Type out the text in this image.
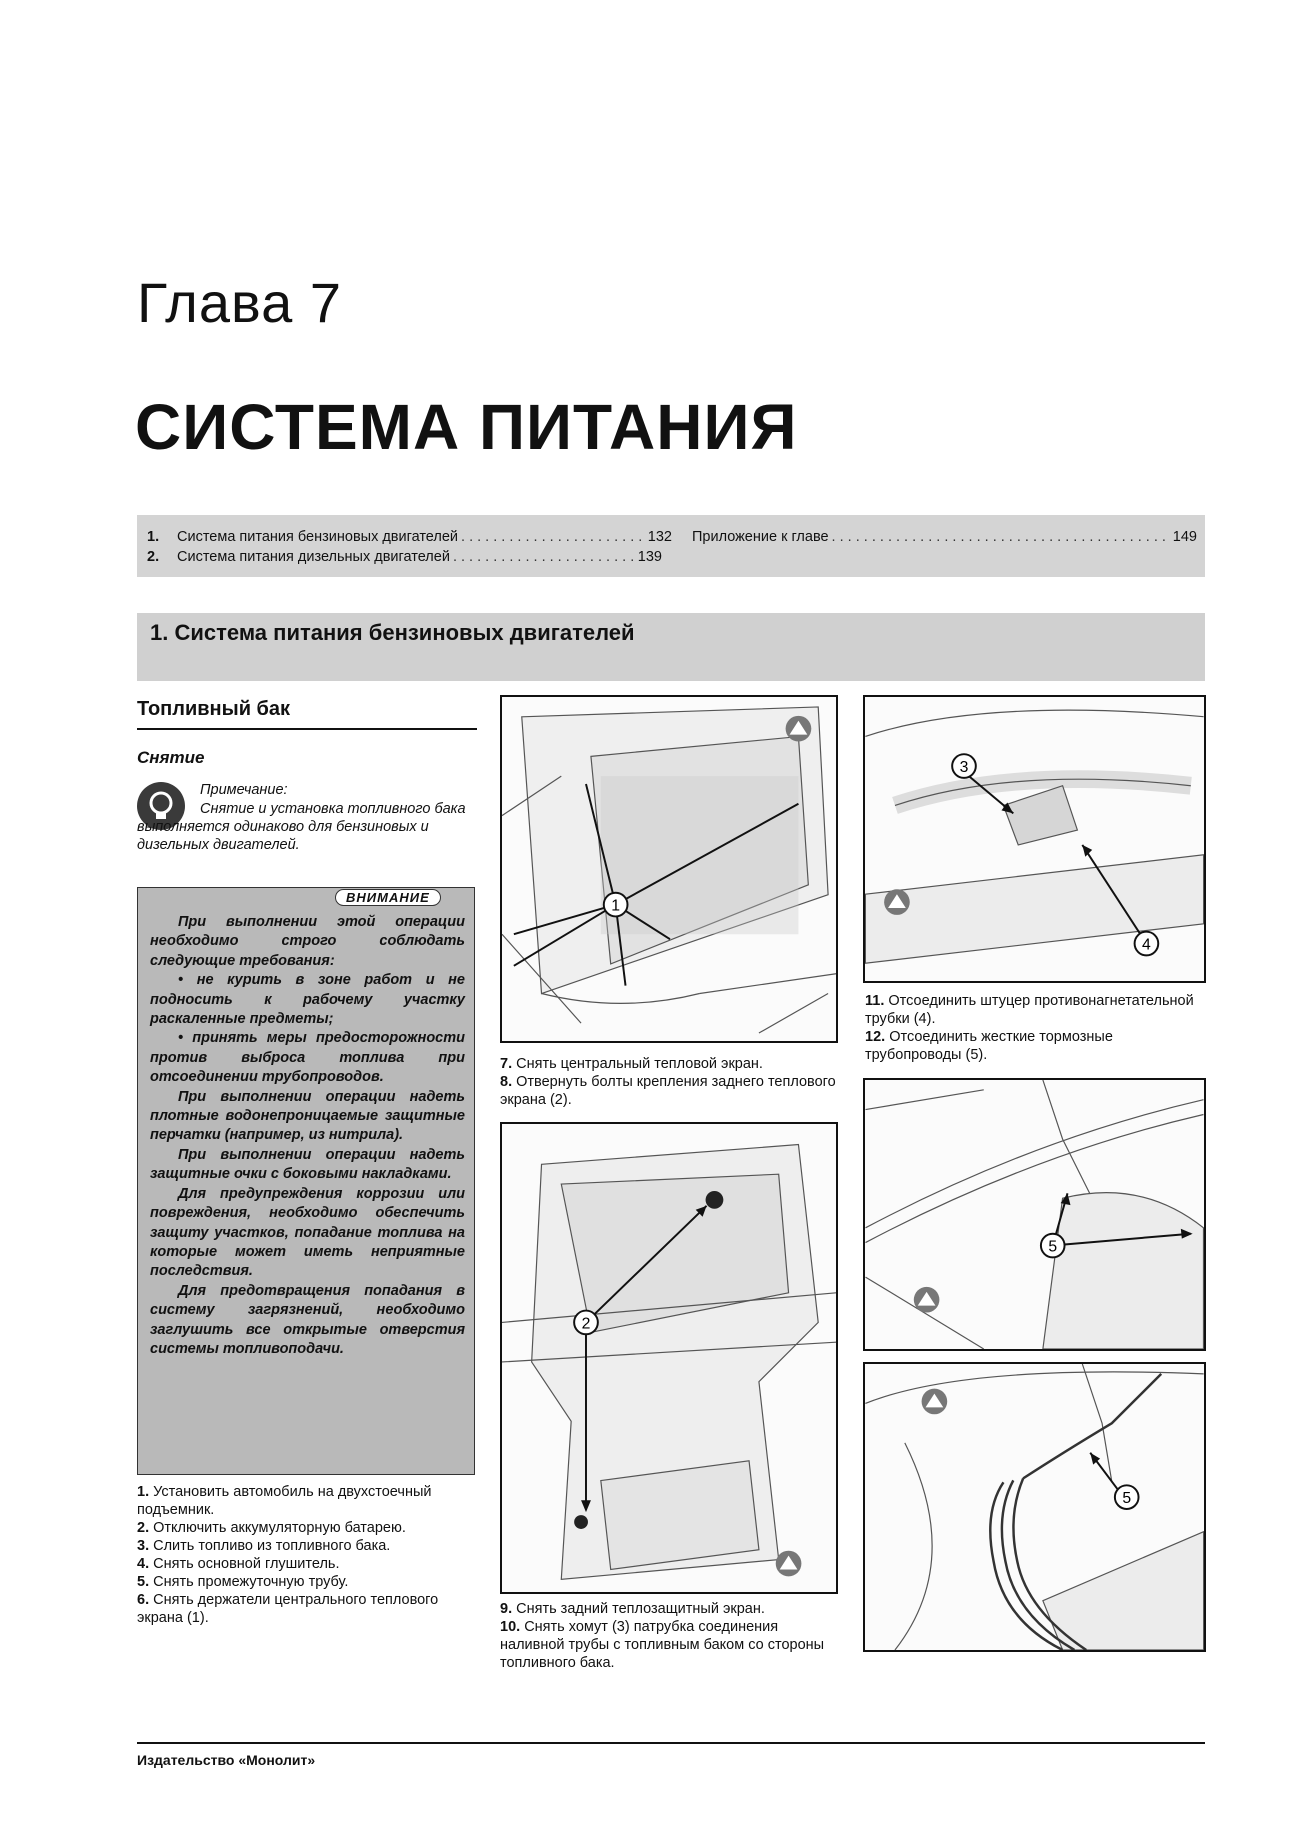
Глава 7
СИСТЕМА ПИТАНИЯ
1.	Система питания бензиновых двигателей . . .	132
2.	Система питания дизельных двигателей . . .	139
Приложение к главе . . .	149
1. Система питания бензиновых двигателей
Топливный бак
Снятие
Примечание:
Снятие и установка топливного бака выполняется одинаково для бензиновых и дизельных двигателей.
ВНИМАНИЕ

При выполнении этой операции необходимо строго соблюдать следующие требования:

• не курить в зоне работ и не подносить к рабочему участку раскаленные предметы;

• принять меры предосторожности против выброса топлива при отсоединении трубопроводов.

При выполнении операции надеть плотные водонепроницаемые защитные перчатки (например, из нитрила).

При выполнении операции надеть защитные очки с боковыми накладками.

Для предупреждения коррозии или повреждения, необходимо обеспечить защиту участков, попадание топлива на которые может иметь неприятные последствия.

Для предотвращения попадания в систему загрязнений, необходимо заглушить все открытые отверстия системы топливоподачи.

1. Установить автомобиль на двухстоечный подъемник.

2. Отключить аккумуляторную батарею.

3. Слить топливо из топливного бака.

4. Снять основной глушитель.

5. Снять промежуточную трубу.

6. Снять держатели центрального теплового экрана (1).

1

7. Снять центральный тепловой экран.

8. Отвернуть болты крепления заднего теплового экрана (2).

2

9. Снять задний теплозащитный экран.

10. Снять хомут (3) патрубка соединения наливной трубы с топливным баком со стороны топливного бака.

3
4

11. Отсоединить штуцер противонагнетательной трубки (4).

12. Отсоединить жесткие тормозные трубопроводы (5).

5
5
Издательство «Монолит»
